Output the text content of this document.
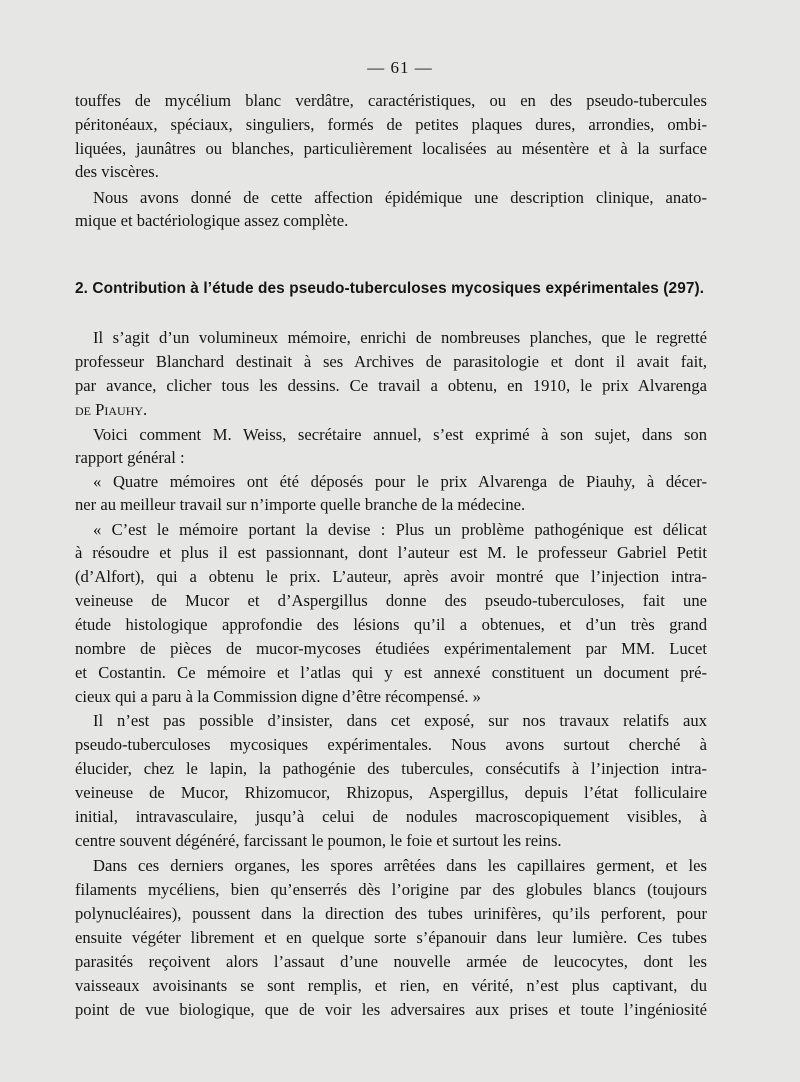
— 61 —
touffes de mycélium blanc verdâtre, caractéristiques, ou en des pseudo-tubercules
péritonéaux, spéciaux, singuliers, formés de petites plaques dures, arrondies, ombi-
liquées, jaunâtres ou blanches, particulièrement localisées au mésentère et à la surface
des viscères.
Nous avons donné de cette affection épidémique une description clinique, anato-
mique et bactériologique assez complète.
2. Contribution à l’étude des pseudo-tuberculoses mycosiques expérimentales (297).
Il s’agit d’un volumineux mémoire, enrichi de nombreuses planches, que le regretté
professeur Blanchard destinait à ses Archives de parasitologie et dont il avait fait,
par avance, clicher tous les dessins. Ce travail a obtenu, en 1910, le prix Alvarenga
de Piauhy.
Voici comment M. Weiss, secrétaire annuel, s’est exprimé à son sujet, dans son
rapport général :
« Quatre mémoires ont été déposés pour le prix Alvarenga de Piauhy, à décer-
ner au meilleur travail sur n’importe quelle branche de la médecine.
« C’est le mémoire portant la devise : Plus un problème pathogénique est délicat
à résoudre et plus il est passionnant, dont l’auteur est M. le professeur Gabriel Petit
(d’Alfort), qui a obtenu le prix. L’auteur, après avoir montré que l’injection intra-
veineuse de Mucor et d’Aspergillus donne des pseudo-tuberculoses, fait une
étude histologique approfondie des lésions qu’il a obtenues, et d’un très grand
nombre de pièces de mucor-mycoses étudiées expérimentalement par MM. Lucet
et Costantin. Ce mémoire et l’atlas qui y est annexé constituent un document pré-
cieux qui a paru à la Commission digne d’être récompensé. »
Il n’est pas possible d’insister, dans cet exposé, sur nos travaux relatifs aux
pseudo-tuberculoses mycosiques expérimentales. Nous avons surtout cherché à
élucider, chez le lapin, la pathogénie des tubercules, consécutifs à l’injection intra-
veineuse de Mucor, Rhizomucor, Rhizopus, Aspergillus, depuis l’état folliculaire
initial, intravasculaire, jusqu’à celui de nodules macroscopiquement visibles, à
centre souvent dégénéré, farcissant le poumon, le foie et surtout les reins.
Dans ces derniers organes, les spores arrêtées dans les capillaires germent, et les
filaments mycéliens, bien qu’enserrés dès l’origine par des globules blancs (toujours
polynucléaires), poussent dans la direction des tubes urinifères, qu’ils perforent, pour
ensuite végéter librement et en quelque sorte s’épanouir dans leur lumière. Ces tubes
parasités reçoivent alors l’assaut d’une nouvelle armée de leucocytes, dont les
vaisseaux avoisinants se sont remplis, et rien, en vérité, n’est plus captivant, du
point de vue biologique, que de voir les adversaires aux prises et toute l’ingéniosité
